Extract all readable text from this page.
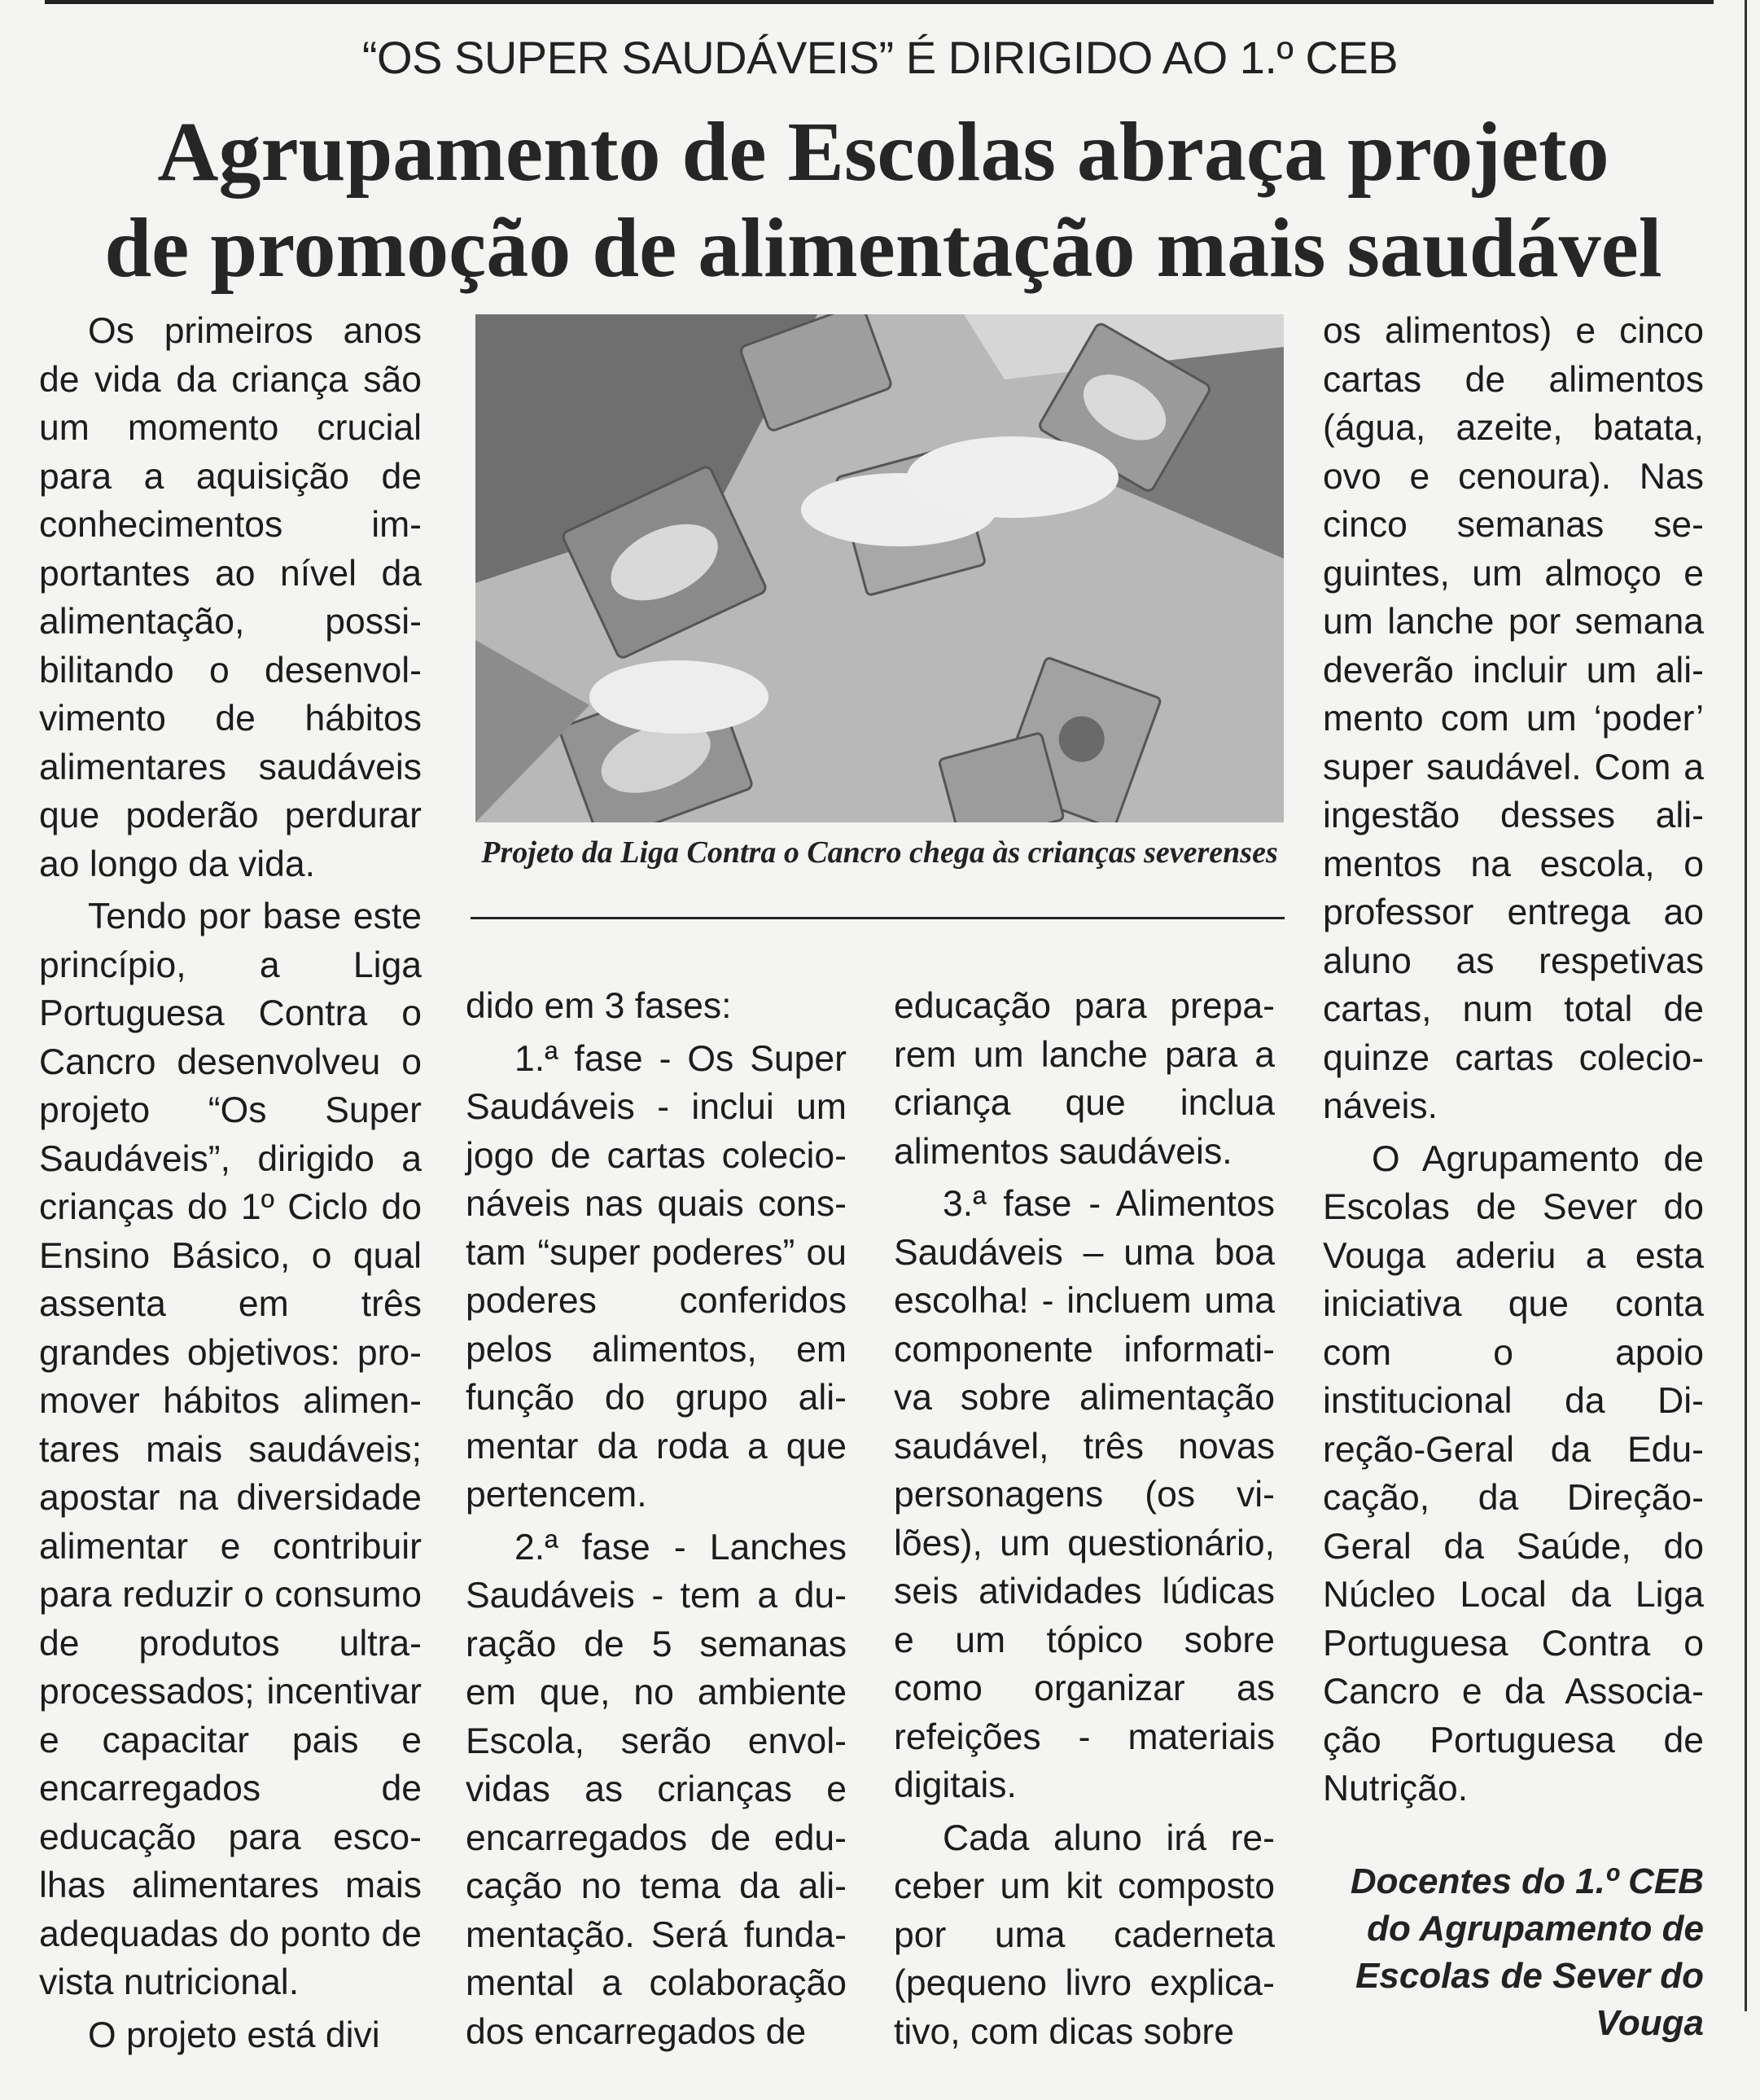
“OS SUPER SAUDÁVEIS” É DIRIGIDO AO 1.º CEB
Agrupamento de Escolas abraça projeto
de promoção de alimentação mais saudável

Os primeiros anos de vida da criança são um momento crucial para a aquisição de conhecimentos importantes ao nível da alimentação, possibilitando o desenvolvimento de hábitos alimentares saudáveis que poderão perdurar ao longo da vida.

Tendo por base este princípio, a Liga Portuguesa Contra o Cancro desenvolveu o projeto “Os Super Saudáveis”, dirigido a crianças do 1º Ciclo do Ensino Básico, o qual assenta em três grandes objetivos: promover hábitos alimentares mais saudáveis; apostar na diversidade alimentar e contribuir para reduzir o consumo de produtos ultraprocessados; incentivar e capacitar pais e encarregados de educação para escolhas alimentares mais adequadas do ponto de vista nutricional.

O projeto está divi

Projeto da Liga Contra o Cancro chega às crianças severenses

dido em 3 fases:

1.ª fase - Os Super Saudáveis - inclui um jogo de cartas colecionáveis nas quais constam “super poderes” ou poderes conferidos pelos alimentos, em função do grupo alimentar da roda a que pertencem.

2.ª fase - Lanches Saudáveis - tem a duração de 5 semanas em que, no ambiente Escola, serão envolvidas as crianças e encarregados de educação no tema da alimentação. Será fundamental a colaboração dos encarregados de

educação para preparem um lanche para a criança que inclua alimentos saudáveis.

3.ª fase - Alimentos Saudáveis – uma boa escolha! - incluem uma componente informativa sobre alimentação saudável, três novas personagens (os vilões), um questionário, seis atividades lúdicas e um tópico sobre como organizar as refeições - materiais digitais.

Cada aluno irá receber um kit composto por uma caderneta (pequeno livro explicativo, com dicas sobre

os alimentos) e cinco cartas de alimentos (água, azeite, batata, ovo e cenoura). Nas cinco semanas seguintes, um almoço e um lanche por semana deverão incluir um alimento com um ‘poder’ super saudável. Com a ingestão desses alimentos na escola, o professor entrega ao aluno as respetivas cartas, num total de quinze cartas colecionáveis.

O Agrupamento de Escolas de Sever do Vouga aderiu a esta iniciativa que conta com o apoio institucional da Direção-Geral da Educação, da Direção-Geral da Saúde, do Núcleo Local da Liga Portuguesa Contra o Cancro e da Associação Portuguesa de Nutrição.

Docentes do 1.º CEB do Agrupamento de Escolas de Sever do Vouga
